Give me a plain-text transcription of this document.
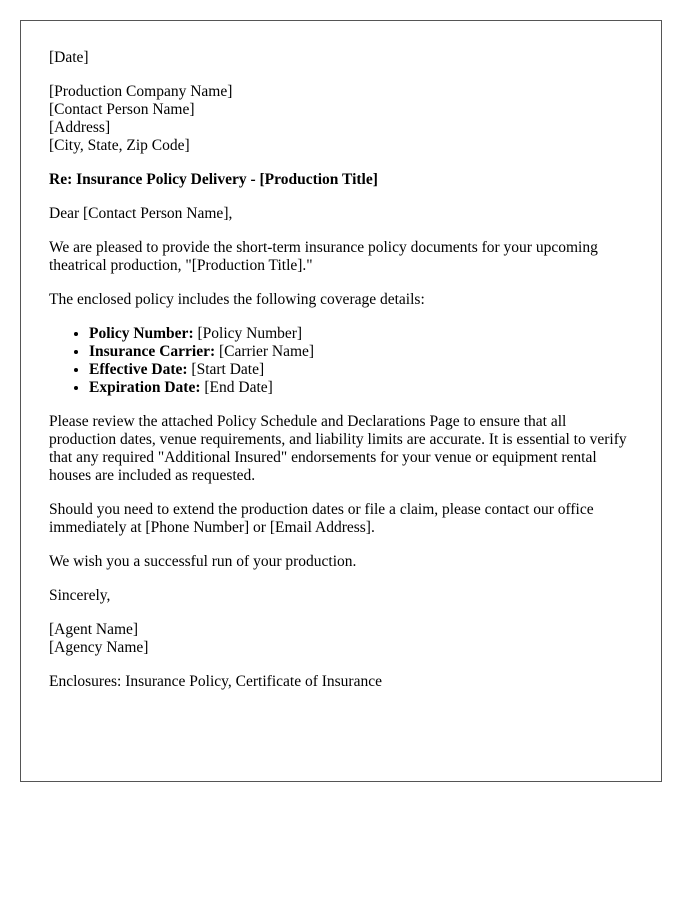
[Date]

[Production Company Name]
[Contact Person Name]
[Address]
[City, State, Zip Code]

Re: Insurance Policy Delivery - [Production Title]

Dear [Contact Person Name],

We are pleased to provide the short-term insurance policy documents for your upcoming theatrical production, "[Production Title]."

The enclosed policy includes the following coverage details:

• Policy Number: [Policy Number]
• Insurance Carrier: [Carrier Name]
• Effective Date: [Start Date]
• Expiration Date: [End Date]

Please review the attached Policy Schedule and Declarations Page to ensure that all production dates, venue requirements, and liability limits are accurate. It is essential to verify that any required "Additional Insured" endorsements for your venue or equipment rental houses are included as requested.

Should you need to extend the production dates or file a claim, please contact our office immediately at [Phone Number] or [Email Address].

We wish you a successful run of your production.

Sincerely,

[Agent Name]
[Agency Name]

Enclosures: Insurance Policy, Certificate of Insurance
